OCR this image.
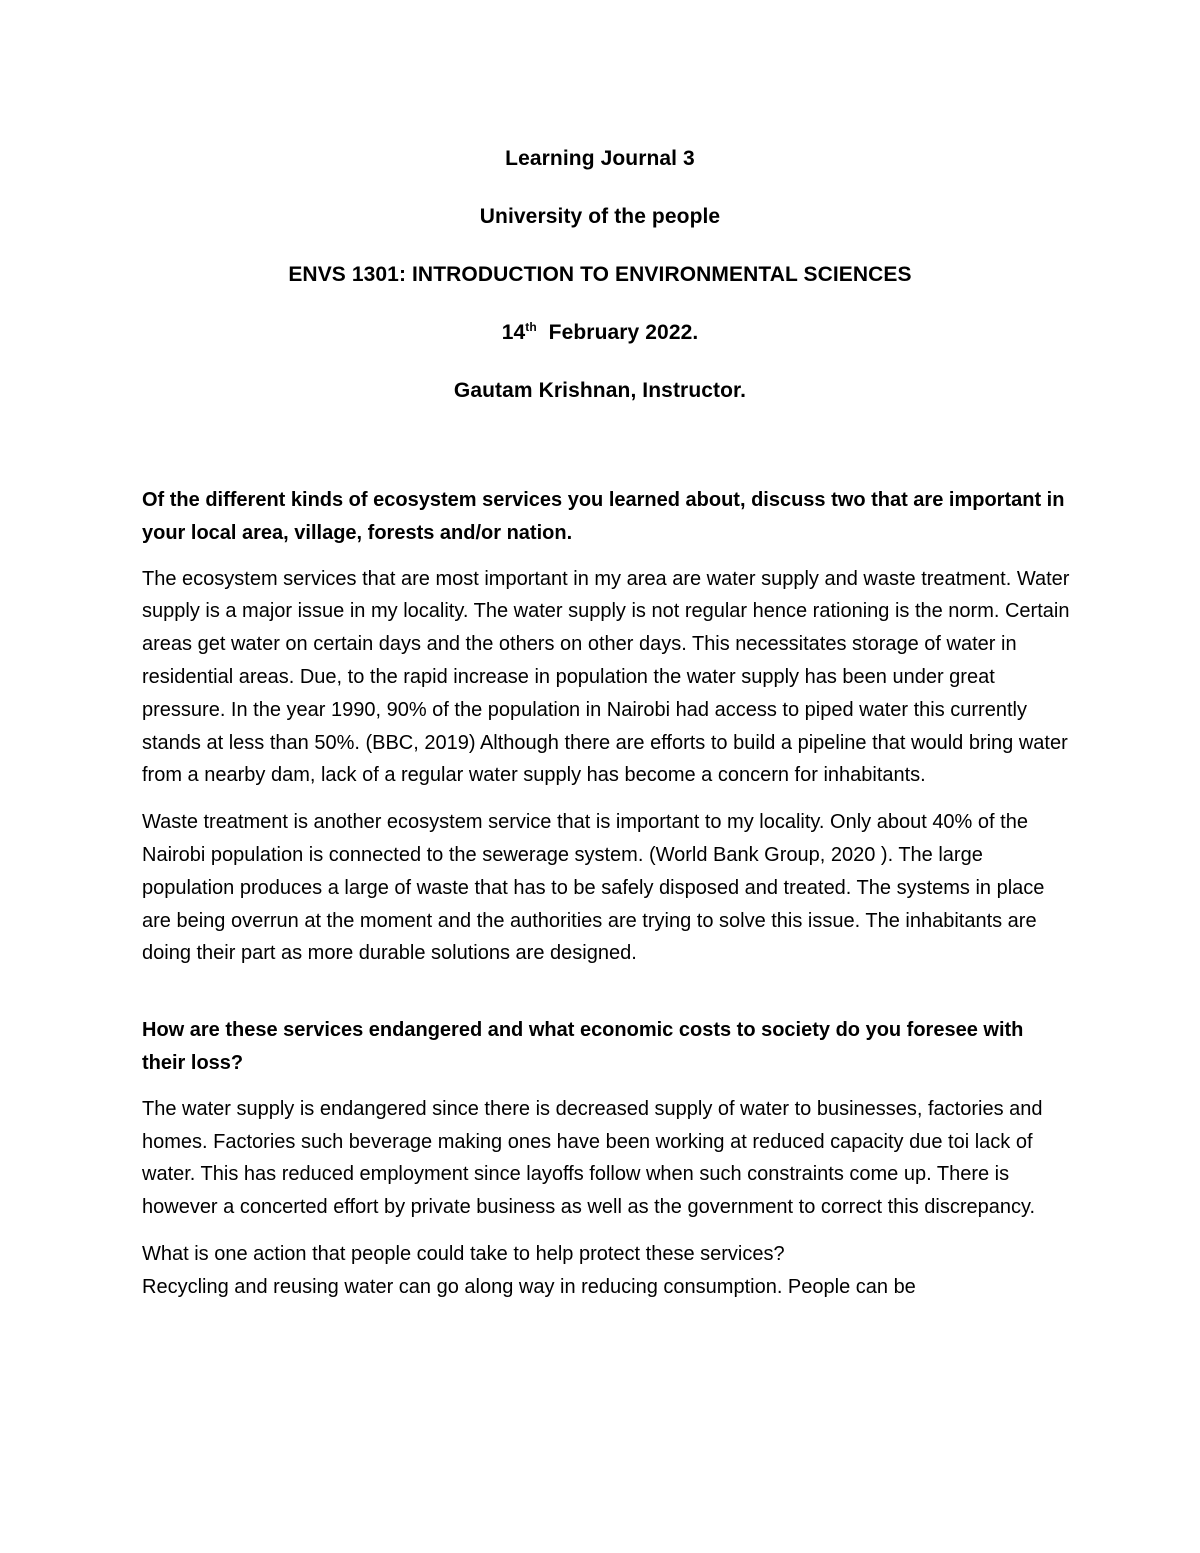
Learning Journal 3
University of the people
ENVS 1301: INTRODUCTION TO ENVIRONMENTAL SCIENCES
14th February 2022.
Gautam Krishnan, Instructor.

Of the different kinds of ecosystem services you learned about, discuss two that are important in your local area, village, forests and/or nation.

The ecosystem services that are most important in my area are water supply and waste treatment. Water supply is a major issue in my locality. The water supply is not regular hence rationing is the norm. Certain areas get water on certain days and the others on other days. This necessitates storage of water in residential areas. Due, to the rapid increase in population the water supply has been under great pressure. In the year 1990, 90% of the population in Nairobi had access to piped water this currently stands at less than 50%. (BBC, 2019) Although there are efforts to build a pipeline that would bring water from a nearby dam, lack of a regular water supply has become a concern for inhabitants.

Waste treatment is another ecosystem service that is important to my locality. Only about 40% of the Nairobi population is connected to the sewerage system. (World Bank Group, 2020 ). The large population produces a large of waste that has to be safely disposed and treated. The systems in place are being overrun at the moment and the authorities are trying to solve this issue. The inhabitants are doing their part as more durable solutions are designed.

How are these services endangered and what economic costs to society do you foresee with their loss?

The water supply is endangered since there is decreased supply of water to businesses, factories and homes. Factories such beverage making ones have been working at reduced capacity due toi lack of water. This has reduced employment since layoffs follow when such constraints come up. There is however a concerted effort by private business as well as the government to correct this discrepancy.

What is one action that people could take to help protect these services?

Recycling and reusing water can go along way in reducing consumption. People can be
